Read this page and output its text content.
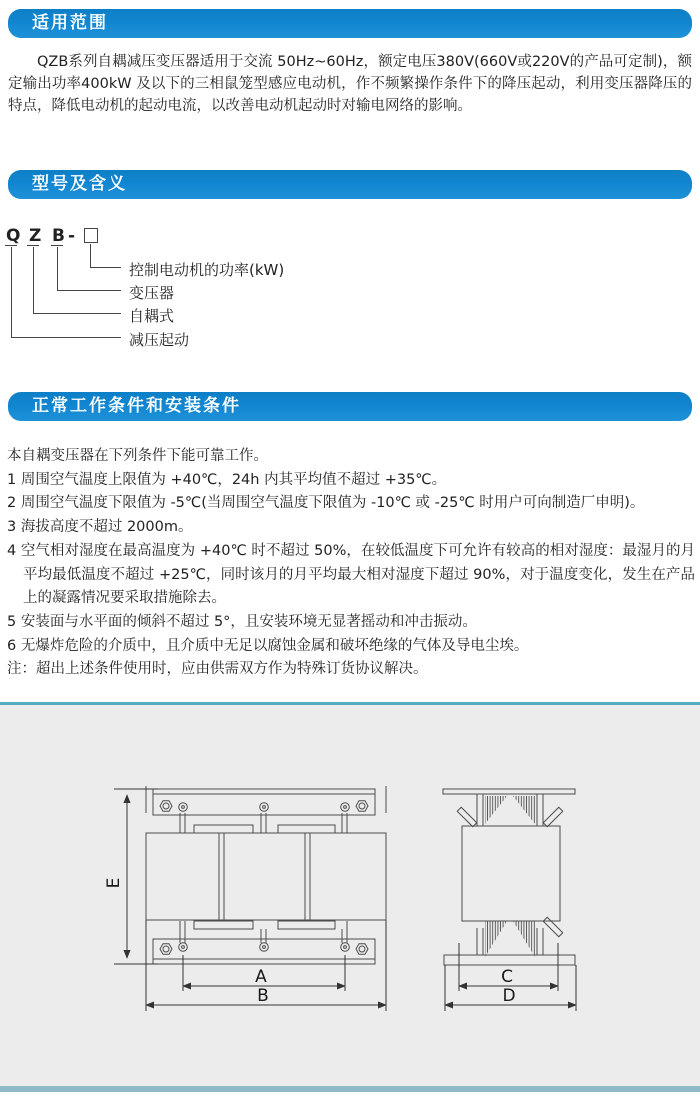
适用范围
QZB系列自耦减压变压器适用于交流 50Hz~60Hz，额定电压380V(660V或220V的产品可定制)，额定输出功率400kW 及以下的三相鼠笼型感应电动机，作不频繁操作条件下的降压起动，利用变压器降压的特点，降低电动机的起动电流，以改善电动机起动时对输电网络的影响。
型号及含义
Q Z B -
控制电动机的功率(kW)
变压器
自耦式
减压起动
正常工作条件和安装条件
本自耦变压器在下列条件下能可靠工作。
1 周围空气温度上限值为 +40℃，24h 内其平均值不超过 +35℃。
2 周围空气温度下限值为 -5℃(当周围空气温度下限值为 -10℃ 或 -25℃ 时用户可向制造厂申明)。
3 海拔高度不超过 2000m。
4 空气相对湿度在最高温度为 +40℃ 时不超过 50%，在较低温度下可允许有较高的相对湿度：最湿月的月平均最低温度不超过 +25℃，同时该月的月平均最大相对湿度下超过 90%，对于温度变化，发生在产品上的凝露情况要采取措施除去。
5 安装面与水平面的倾斜不超过 5°，且安装环境无显著摇动和冲击振动。
6 无爆炸危险的介质中，且介质中无足以腐蚀金属和破坏绝缘的气体及导电尘埃。
注：超出上述条件使用时，应由供需双方作为特殊订货协议解决。
E
A
B
C
D
